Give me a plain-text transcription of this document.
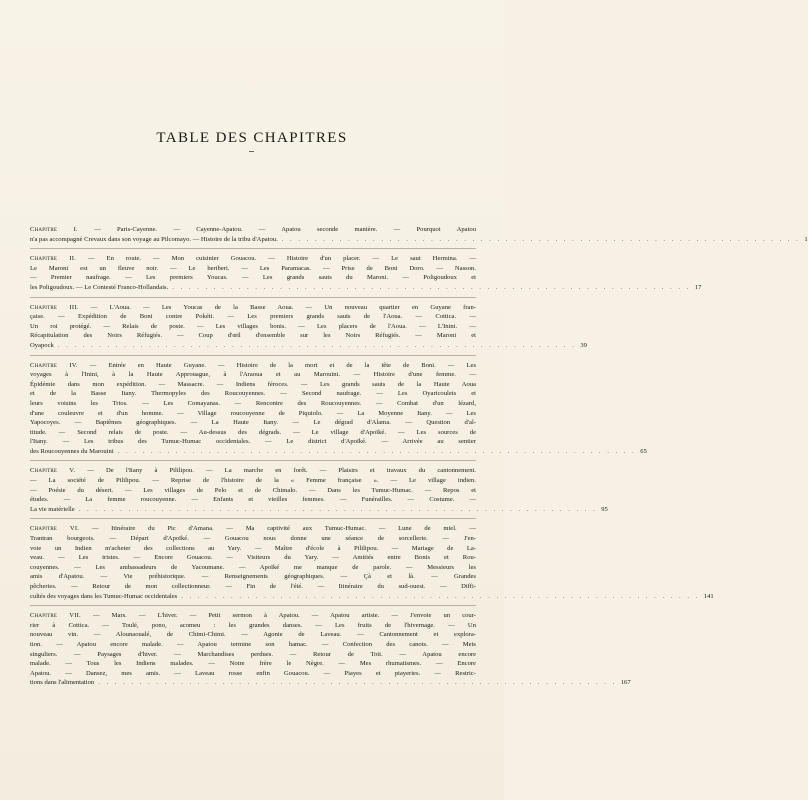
TABLE DES CHAPITRES
Chapitre I. — Paris-Cayenne. — Cayenne-Apatou. — Apatou seconde manière. — Pourquoi Apatou
n'a pas accompagné Crevaux dans son voyage au Pilcomayo. — Histoire de la tribu d'Apatou. . . . . . . . . . . . . . . . . . . . . . . . . . . . . . . . . . . . . . . . . . . . . . . . . . . . . . . . . . . . . . . . 1
Chapitre II. — En route. — Mon cuisinier Gouacou. — Histoire d'un placer. — Le saut Hermina. —
Le Maroni est un fleuve noir. — Le beriberi. — Les Paramacas. — Prise de Boni Doro. — Nasson.
— Premier naufrage. — Les premiers Youcas. — Les grands sauts du Maroni. — Poligoudoux et
les Poligoudoux. — Le Contesté Franco-Hollandais. . . . . . . . . . . . . . . . . . . . . . . . . . . . . . . . . . . . . . . . . . . . . . . . . . . . . . . . . . . . . . . . 17
Chapitre III. — L'Aoua. — Les Youcas de la Basse Aoua. — Un nouveau quartier en Guyane fran-
çaise. — Expédition de Boni contre Pokéti. — Les premiers grands sauts de l'Aoua. — Cottica. —
Un roi protégé. — Relais de poste. — Les villages bonis. — Les placers de l'Aoua. — L'Inini. —
Récapitulation des Noirs Réfugiés. — Coup d'œil d'ensemble sur les Noirs Réfugiés. — Maroni et
Oyapock . . . . . . . . . . . . . . . . . . . . . . . . . . . . . . . . . . . . . . . . . . . . . . . . . . . . . . . . . . . . . . . 39
Chapitre IV. — Entrée en Haute Guyane. — Histoire de la mort et de la tête de Boni. — Les
voyages à l'Inini, à la Haute Approuague, à l'Araoua et au Marouini. — Histoire d'une femme. —
Épidémie dans mon expédition. — Massacre. — Indiens féroces. — Les grands sauts de la Haute Aoua
et de la Basse Itany. Thermopyles des Roucouyennes. — Second naufrage. — Les Oyaricoulets et
leurs voisins les Trios. — Les Comayanas. — Rencontre des Roucouyennes. — Combat d'un lézard,
d'une couleuvre et d'un homme. — Village roucouyenne de Piquiolo. — La Moyenne Itany. — Les
Yapocoyes. — Baptêmes géographiques. — La Haute Itany. — Le dégrad d'Alama. — Question d'al-
titude. — Second relais de poste. — Au-dessus des dégrads. — Le village d'Apoïké. — Les sources de
l'Itany. — Les tribus des Tumuc-Humac occidentales. — Le district d'Apoïké. — Arrivée au sentier
des Roucouyennes du Marouini . . . . . . . . . . . . . . . . . . . . . . . . . . . . . . . . . . . . . . . . . . . . . . . . . . . . . . . . . . . . . . . 65
Chapitre V. — De l'Itany à Pililipou. — La marche en forêt. — Plaisirs et travaux du cantonnement.
— La société de Pililipou. — Reprise de l'histoire de la « Femme française ». — Le village indien.
— Poésie du désert. — Les villages de Pelo et de Chimalo. — Dans les Tumuc-Humac. — Repos et
études. — La femme roucouyenne. — Enfants et vieilles femmes. — Funérailles. — Costume. —
La vie matérielle . . . . . . . . . . . . . . . . . . . . . . . . . . . . . . . . . . . . . . . . . . . . . . . . . . . . . . . . . . . . . . . 95
Chapitre VI. — Itinéraire du Pic d'Amana. — Ma captivité aux Tumuc-Humac. — Lune de miel. —
Trantran bourgeois. — Départ d'Apoïké. — Gouacou nous donne une séance de sorcellerie. — J'en-
voie un Indien m'acheter des collections au Yary. — Maître d'école à Pililipou. — Mariage de La-
veau. — Les tristes. — Encore Gouacou. — Visiteurs du Yary. — Amitiés entre Bonis et Rou-
couyennes. — Les ambassadeurs de Yacoumane. — Apoïké me manque de parole. — Messieurs les
amis d'Apatou. — Vie préhistorique. — Renseignements géographiques. — Çà et là. — Grandes
pêcheries. — Retour de mon collectionneur. — Fin de l'été. — Itinéraire du sud-ouest. — Diffi-
cultés des voyages dans les Tumuc-Humac occidentales . . . . . . . . . . . . . . . . . . . . . . . . . . . . . . . . . . . . . . . . . . . . . . . . . . . . . . . . . . . . . . . 141
Chapitre VII. — Mars. — L'hiver. — Petit sermon à Apatou. — Apatou artiste. — J'envoie un cour-
rier à Cottica. — Toulé, pono, acomeu : les grandes danses. — Les fruits de l'hivernage. — Un
nouveau vin. — Alounaoualé, de Chimi-Chimi. — Agonie de Laveau. — Cantonnement et explora-
tion. — Apatou encore malade. — Apatou termine son hamac. — Confection des canots. — Mets
singuliers. — Paysages d'hiver. — Marchandises perdues. — Retour de Toti. — Apatou encore
malade. — Tous les Indiens malades. — Notre frère le Nègre. — Mes rhumatismes. — Encore
Apatou. — Dansez, mes amis. — Laveau rosse enfin Gouacou. — Piayes et piayeries. — Restric-
tions dans l'alimentation . . . . . . . . . . . . . . . . . . . . . . . . . . . . . . . . . . . . . . . . . . . . . . . . . . . . . . . . . . . . . . . 167
